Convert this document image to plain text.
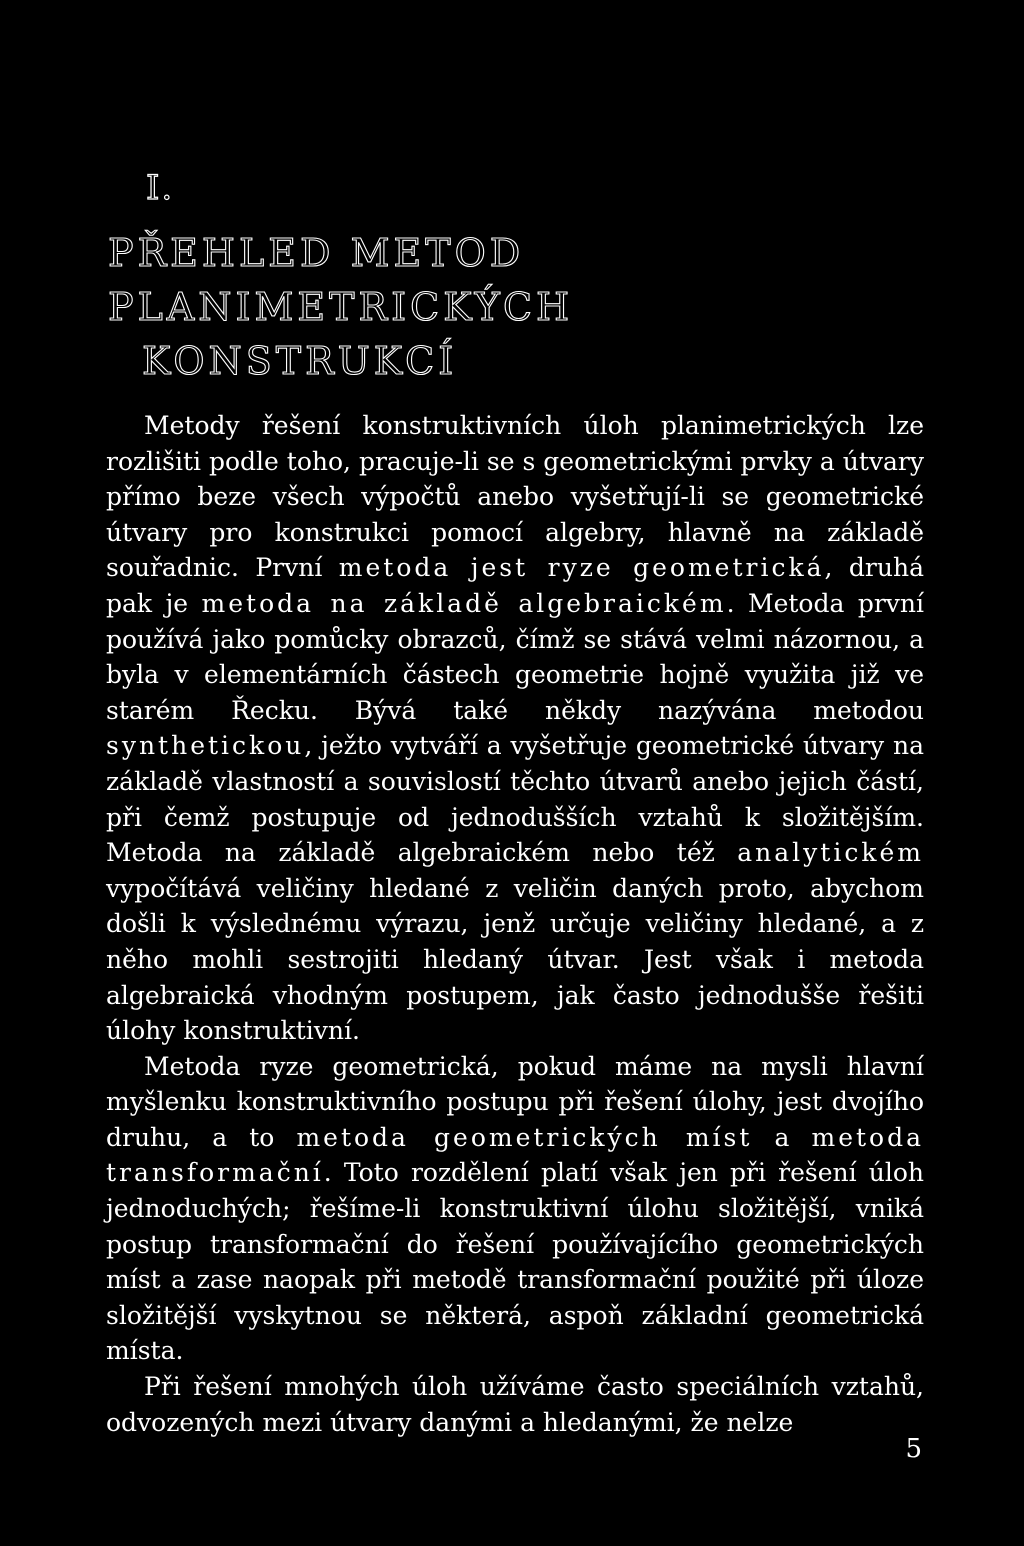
I.
PŘEHLED METOD PLANIMETRICKÝCH
KONSTRUKCÍ

Metody řešení konstruktivních úloh planimetrických lze rozlišiti podle toho, pracuje-li se s geometrickými prvky a útvary přímo beze všech výpočtů anebo vyšetřují-li se geometrické útvary pro konstrukci pomocí algebry, hlavně na základě souřadnic. První metoda jest ryze geometrická, druhá pak je metoda na základě algebraickém. Metoda první používá jako pomůcky obrazců, čímž se stává velmi názornou, a byla v elementárních částech geometrie hojně využita již ve starém Řecku. Bývá také někdy nazývána metodou synthetickou, ježto vytváří a vyšetřuje geometrické útvary na základě vlastností a souvislostí těchto útvarů anebo jejich částí, při čemž postupuje od jednodušších vztahů k složitějším. Metoda na základě algebraickém nebo též analytickém vypočítává veličiny hledané z veličin daných proto, abychom došli k výslednému výrazu, jenž určuje veličiny hledané, a z něho mohli sestrojiti hledaný útvar. Jest však i metoda algebraická vhodným postupem, jak často jednodušše řešiti úlohy konstruktivní.

Metoda ryze geometrická, pokud máme na mysli hlavní myšlenku konstruktivního postupu při řešení úlohy, jest dvojího druhu, a to metoda geometrických míst a metoda transformační. Toto rozdělení platí však jen při řešení úloh jednoduchých; řešíme-li konstruktivní úlohu složitější, vniká postup transformační do řešení používajícího geometrických míst a zase naopak při metodě transformační použité při úloze složitější vyskytnou se některá, aspoň základní geometrická místa.

Při řešení mnohých úloh užíváme často speciálních vztahů, odvozených mezi útvary danými a hledanými, že nelze

5
